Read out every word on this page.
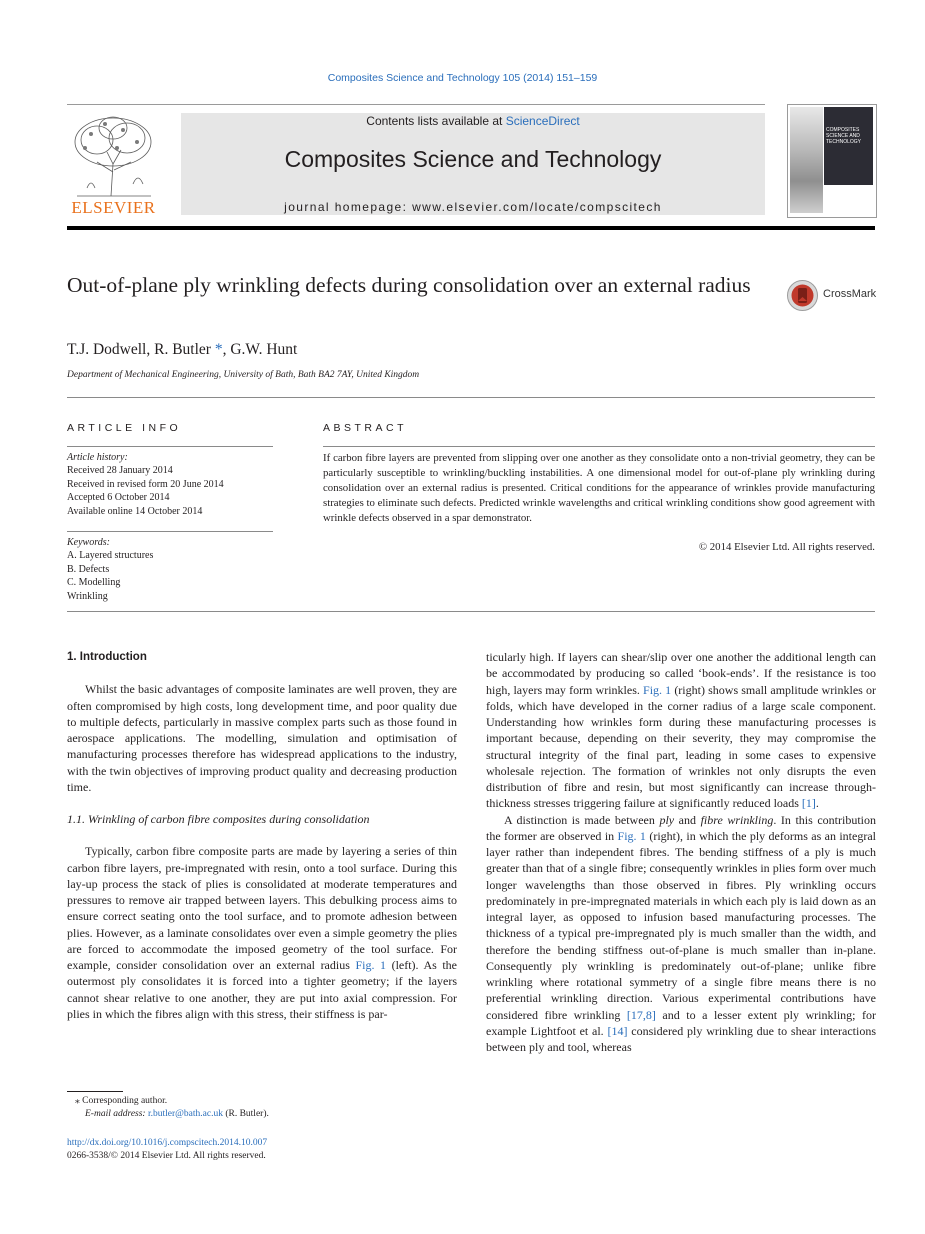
Composites Science and Technology 105 (2014) 151–159
ELSEVIER
Contents lists available at ScienceDirect
Composites Science and Technology
journal homepage: www.elsevier.com/locate/compscitech
COMPOSITES SCIENCE AND TECHNOLOGY
Out-of-plane ply wrinkling defects during consolidation over an external radius	CrossMark
T.J. Dodwell, R. Butler *, G.W. Hunt
Department of Mechanical Engineering, University of Bath, Bath BA2 7AY, United Kingdom
ARTICLE INFO
Article history:
Received 28 January 2014
Received in revised form 20 June 2014
Accepted 6 October 2014
Available online 14 October 2014
Keywords:
A. Layered structures
B. Defects
C. Modelling
Wrinkling
ABSTRACT
If carbon fibre layers are prevented from slipping over one another as they consolidate onto a non-trivial geometry, they can be particularly susceptible to wrinkling/buckling instabilities. A one dimensional model for out-of-plane ply wrinkling during consolidation over an external radius is presented. Critical conditions for the appearance of wrinkles provide manufacturing strategies to eliminate such defects. Predicted wrinkle wavelengths and critical wrinkling conditions show good agreement with wrinkle defects observed in a spar demonstrator.
© 2014 Elsevier Ltd. All rights reserved.

1. Introduction

Whilst the basic advantages of composite laminates are well proven, they are often compromised by high costs, long development time, and poor quality due to multiple defects, particularly in massive complex parts such as those found in aerospace applications. The modelling, simulation and optimisation of manufacturing processes therefore has widespread applications to the industry, with the twin objectives of improving product quality and decreasing production time.

1.1. Wrinkling of carbon fibre composites during consolidation

Typically, carbon fibre composite parts are made by layering a series of thin carbon fibre layers, pre-impregnated with resin, onto a tool surface. During this lay-up process the stack of plies is consolidated at moderate temperatures and pressures to remove air trapped between layers. This debulking process aims to ensure correct seating onto the tool surface, and to promote adhesion between plies. However, as a laminate consolidates over even a simple geometry the plies are forced to accommodate the imposed geometry of the tool surface. For example, consider consolidation over an external radius Fig. 1 (left). As the outermost ply consolidates it is forced into a tighter geometry; if the layers cannot shear relative to one another, they are put into axial compression. For plies in which the fibres align with this stress, their stiffness is par-

⁎ Corresponding author.
E-mail address: r.butler@bath.ac.uk (R. Butler).
http://dx.doi.org/10.1016/j.compscitech.2014.10.007
0266-3538/© 2014 Elsevier Ltd. All rights reserved.

ticularly high. If layers can shear/slip over one another the additional length can be accommodated by producing so called ‘book-ends’. If the resistance is too high, layers may form wrinkles. Fig. 1 (right) shows small amplitude wrinkles or folds, which have developed in the corner radius of a large scale component. Understanding how wrinkles form during these manufacturing processes is important because, depending on their severity, they may compromise the structural integrity of the final part, leading in some cases to expensive wholesale rejection. The formation of wrinkles not only disrupts the even distribution of fibre and resin, but most significantly can increase through-thickness stresses triggering failure at significantly reduced loads [1].

A distinction is made between ply and fibre wrinkling. In this contribution the former are observed in Fig. 1 (right), in which the ply deforms as an integral layer rather than independent fibres. The bending stiffness of a ply is much greater than that of a single fibre; consequently wrinkles in plies form over much longer wavelengths than those observed in fibres. Ply wrinkling occurs predominately in pre-impregnated materials in which each ply is laid down as an integral layer, as opposed to infusion based manufacturing processes. The thickness of a typical pre-impregnated ply is much smaller than the width, and therefore the bending stiffness out-of-plane is much smaller than in-plane. Consequently ply wrinkling is predominately out-of-plane; unlike fibre wrinkling where rotational symmetry of a single fibre means there is no preferential wrinkling direction. Various experimental contributions have considered fibre wrinkling [17,8] and to a lesser extent ply wrinkling; for example Lightfoot et al. [14] considered ply wrinkling due to shear interactions between ply and tool, whereas
